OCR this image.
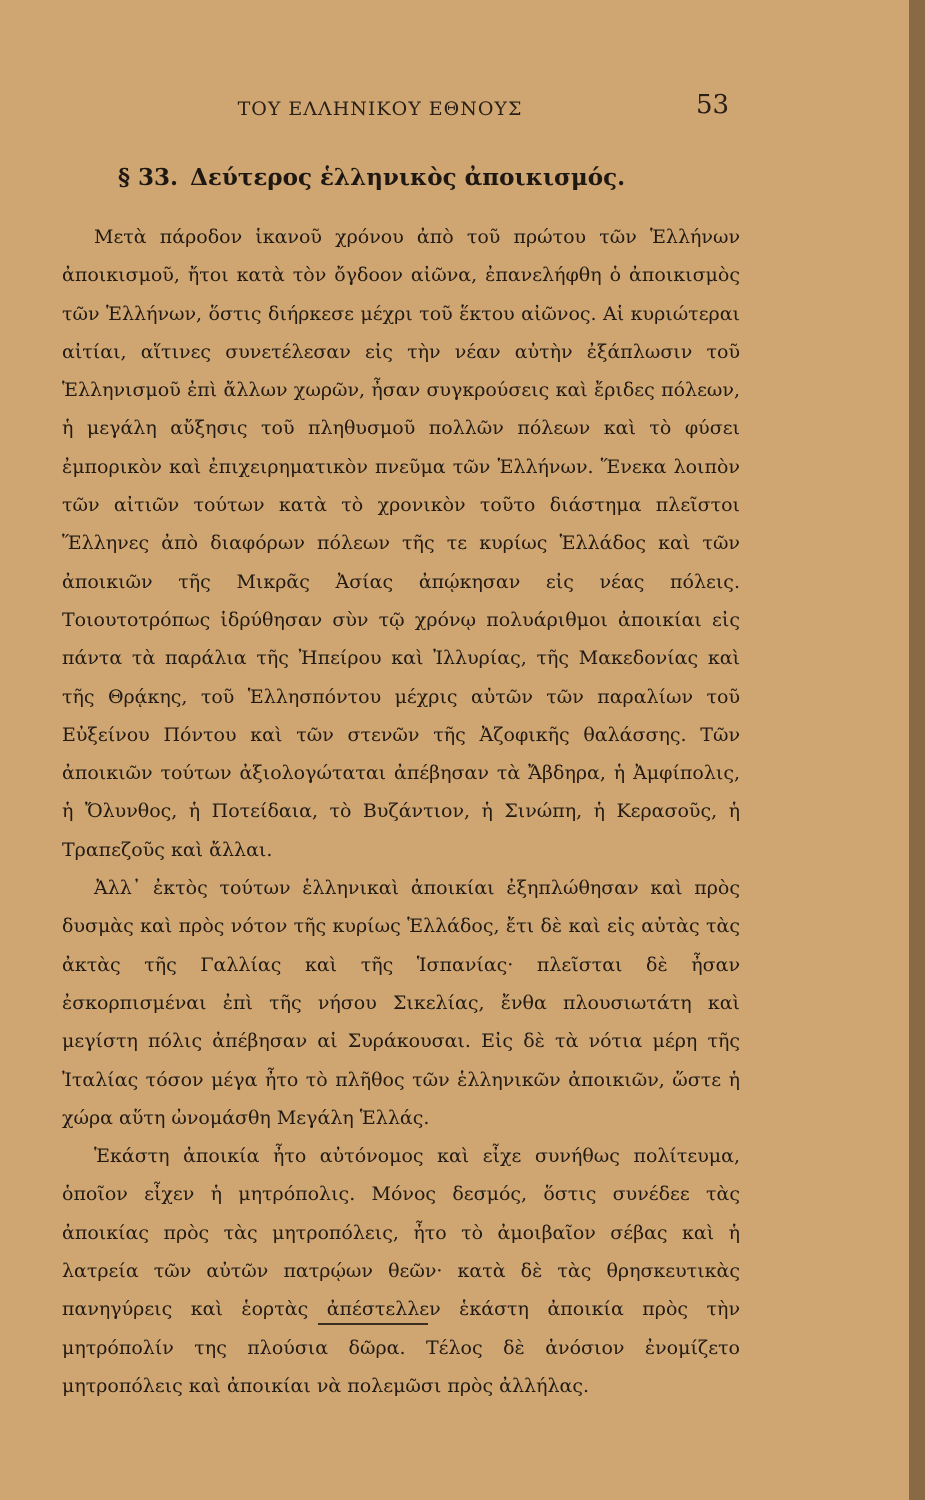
ΤΟΥ ΕΛΛΗΝΙΚΟΥ ΕΘΝΟΥΣ	53
§ 33. Δεύτερος ἑλληνικὸς ἀποικισμός.

Μετὰ πάροδον ἱκανοῦ χρόνου ἀπὸ τοῦ πρώτου τῶν Ἑλλήνων ἀποικισμοῦ, ἤτοι κατὰ τὸν ὄγδοον αἰῶνα, ἐπανελήφθη ὁ ἀποικισμὸς τῶν Ἑλλήνων, ὅστις διήρκεσε μέχρι τοῦ ἕκτου αἰῶνος. Αἱ κυριώτεραι αἰτίαι, αἵτινες συνετέλεσαν εἰς τὴν νέαν αὐτὴν ἐξάπλωσιν τοῦ Ἑλληνισμοῦ ἐπὶ ἄλλων χωρῶν, ἦσαν συγκρούσεις καὶ ἔριδες πόλεων, ἡ μεγάλη αὔξησις τοῦ πληθυσμοῦ πολλῶν πόλεων καὶ τὸ φύσει ἐμπορικὸν καὶ ἐπιχειρηματικὸν πνεῦμα τῶν Ἑλλήνων. Ἕνεκα λοιπὸν τῶν αἰτιῶν τούτων κατὰ τὸ χρονικὸν τοῦτο διάστημα πλεῖστοι Ἕλληνες ἀπὸ διαφόρων πόλεων τῆς τε κυρίως Ἑλλάδος καὶ τῶν ἀποικιῶν τῆς Μικρᾶς Ἀσίας ἀπῴκησαν εἰς νέας πόλεις. Τοιουτοτρόπως ἱδρύθησαν σὺν τῷ χρόνῳ πολυάριθμοι ἀποικίαι εἰς πάντα τὰ παράλια τῆς Ἠπείρου καὶ Ἰλλυρίας, τῆς Μακεδονίας καὶ τῆς Θρᾴκης, τοῦ Ἑλλησπόντου μέχρις αὐτῶν τῶν παραλίων τοῦ Εὐξείνου Πόντου καὶ τῶν στενῶν τῆς Ἀζοφικῆς θαλάσσης. Τῶν ἀποικιῶν τούτων ἀξιολογώταται ἀπέβησαν τὰ Ἄβδηρα, ἡ Ἀμφίπολις, ἡ Ὄλυνθος, ἡ Ποτείδαια, τὸ Βυζάντιον, ἡ Σινώπη, ἡ Κερασοῦς, ἡ Τραπεζοῦς καὶ ἄλλαι.

Ἀλλ᾽ ἐκτὸς τούτων ἑλληνικαὶ ἀποικίαι ἐξηπλώθησαν καὶ πρὸς δυσμὰς καὶ πρὸς νότον τῆς κυρίως Ἑλλάδος, ἔτι δὲ καὶ εἰς αὐτὰς τὰς ἀκτὰς τῆς Γαλλίας καὶ τῆς Ἱσπανίας· πλεῖσται δὲ ἦσαν ἐσκορπισμέναι ἐπὶ τῆς νήσου Σικελίας, ἔνθα πλουσιωτάτη καὶ μεγίστη πόλις ἀπέβησαν αἱ Συράκουσαι. Εἰς δὲ τὰ νότια μέρη τῆς Ἰταλίας τόσον μέγα ἦτο τὸ πλῆθος τῶν ἑλληνικῶν ἀποικιῶν, ὥστε ἡ χώρα αὕτη ὠνομάσθη Μεγάλη Ἑλλάς.

Ἑκάστη ἀποικία ἦτο αὐτόνομος καὶ εἶχε συνήθως πολίτευμα, ὁποῖον εἶχεν ἡ μητρόπολις. Μόνος δεσμός, ὅστις συνέδεε τὰς ἀποικίας πρὸς τὰς μητροπόλεις, ἦτο τὸ ἀμοιβαῖον σέβας καὶ ἡ λατρεία τῶν αὐτῶν πατρῴων θεῶν· κατὰ δὲ τὰς θρησκευτικὰς πανηγύρεις καὶ ἑορτὰς ἀπέστελλεν ἑκάστη ἀποικία πρὸς τὴν μητρόπολίν της πλούσια δῶρα. Τέλος δὲ ἀνόσιον ἐνομίζετο μητροπόλεις καὶ ἀποικίαι νὰ πολεμῶσι πρὸς ἀλλήλας.
